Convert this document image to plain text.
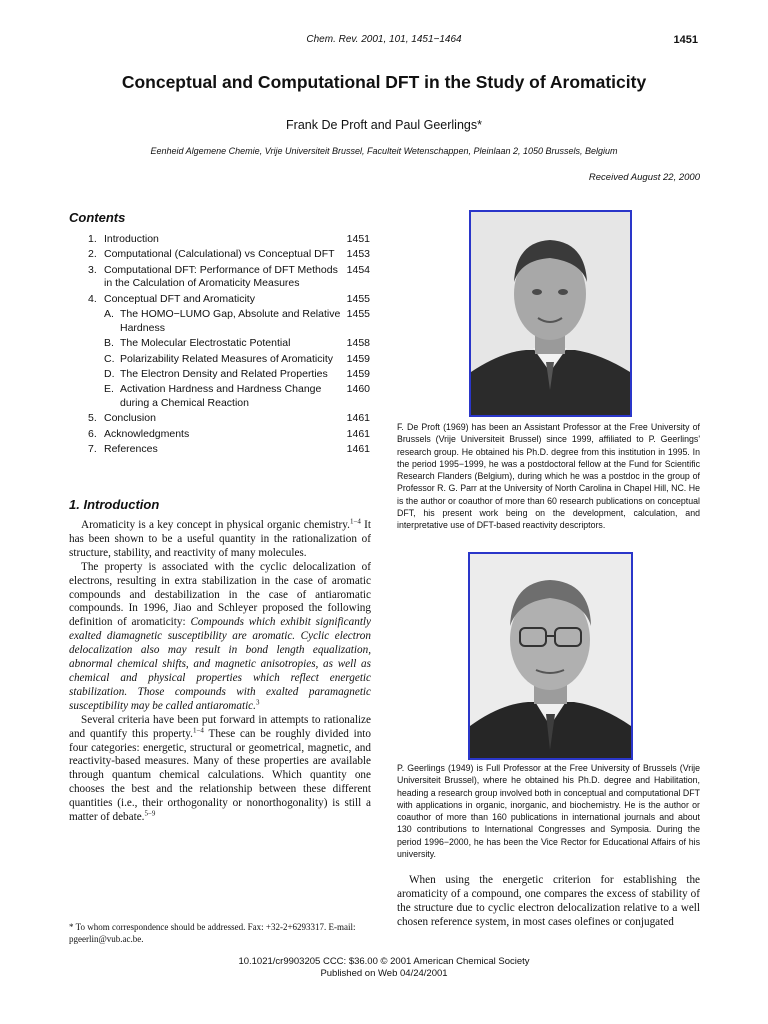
Chem. Rev. 2001, 101, 1451−1464	1451
Conceptual and Computational DFT in the Study of Aromaticity
Frank De Proft and Paul Geerlings*
Eenheid Algemene Chemie, Vrije Universiteit Brussel, Faculteit Wetenschappen, Pleinlaan 2, 1050 Brussels, Belgium
Received August 22, 2000
Contents
1. Introduction	1451
2. Computational (Calculational) vs Conceptual DFT	1453
3. Computational DFT: Performance of DFT Methods in the Calculation of Aromaticity Measures
1454
4. Conceptual DFT and Aromaticity	1455
A. The HOMO−LUMO Gap, Absolute and Relative Hardness
1455
B. The Molecular Electrostatic Potential	1458
C. Polarizability Related Measures of Aromaticity	1459
D. The Electron Density and Related Properties	1459
E. Activation Hardness and Hardness Change during a Chemical Reaction
1460
5. Conclusion	1461
6. Acknowledgments	1461
7. References	1461
1. Introduction

Aromaticity is a key concept in physical organic chemistry.$^{1-4}$ It has been shown to be a useful quantity in the rationalization of structure, stability, and reactivity of many molecules.

The property is associated with the cyclic delocalization of electrons, resulting in extra stabilization in the case of aromatic compounds and destabilization in the case of antiaromatic compounds. In 1996, Jiao and Schleyer proposed the following definition of aromaticity: Compounds which exhibit significantly exalted diamagnetic susceptibility are aromatic. Cyclic electron delocalization also may result in bond length equalization, abnormal chemical shifts, and magnetic anisotropies, as well as chemical and physical properties which reflect energetic stabilization. Those compounds with exalted paramagnetic susceptibility may be called antiaromatic.$^3$

Several criteria have been put forward in attempts to rationalize and quantify this property.$^{1-4}$ These can be roughly divided into four categories: energetic, structural or geometrical, magnetic, and reactivity-based measures. Many of these properties are available through quantum chemical calculations. Which quantity one chooses the best and the relationship between these different quantities (i.e., their orthogonality or nonorthogonality) is still a matter of debate.$^{5-9}$

* To whom correspondence should be addressed. Fax: +32-2+6293317. E-mail: pgeerlin@vub.ac.be.
F. De Proft (1969) has been an Assistant Professor at the Free University of Brussels (Vrije Universiteit Brussel) since 1999, affiliated to P. Geerlings' research group. He obtained his Ph.D. degree from this institution in 1995. In the period 1995−1999, he was a postdoctoral fellow at the Fund for Scientific Research Flanders (Belgium), during which he was a postdoc in the group of Professor R. G. Parr at the University of North Carolina in Chapel Hill, NC. He is the author or coauthor of more than 60 research publications on conceptual DFT, his present work being on the development, calculation, and interpretative use of DFT-based reactivity descriptors.
P. Geerlings (1949) is Full Professor at the Free University of Brussels (Vrije Universiteit Brussel), where he obtained his Ph.D. degree and Habilitation, heading a research group involved both in conceptual and computational DFT with applications in organic, inorganic, and biochemistry. He is the author or coauthor of more than 160 publications in international journals and about 130 contributions to International Congresses and Symposia. During the period 1996−2000, he has been the Vice Rector for Educational Affairs of his university.

When using the energetic criterion for establishing the aromaticity of a compound, one compares the excess of stability of the structure due to cyclic electron delocalization relative to a well chosen reference system, in most cases olefines or conjugated

10.1021/cr9903205 CCC: $36.00 © 2001 American Chemical Society
Published on Web 04/24/2001
